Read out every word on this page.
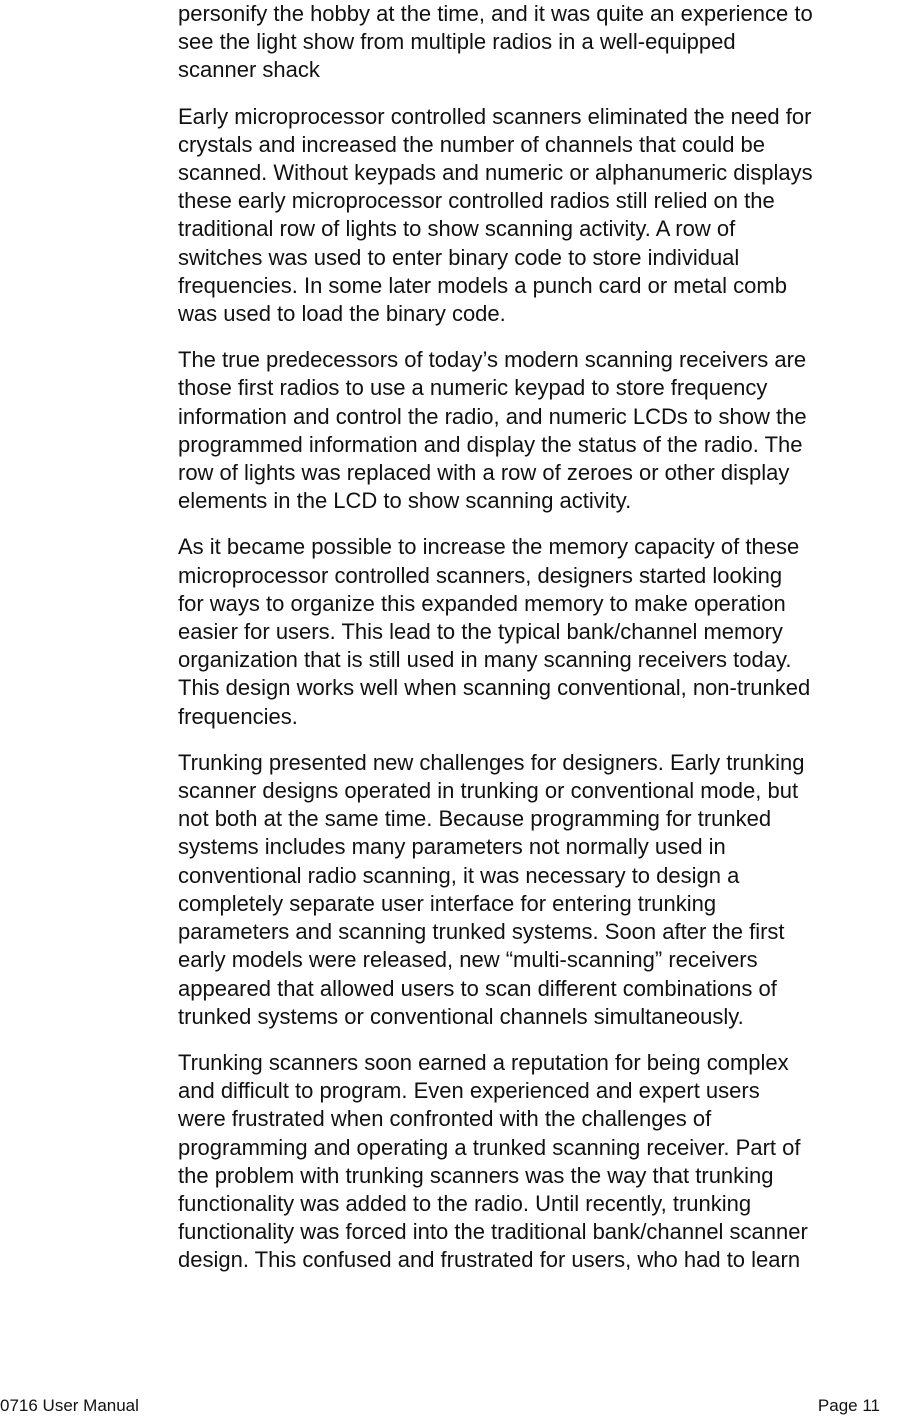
personify the hobby at the time, and it was quite an experience to
see the light show from multiple radios in a well-equipped
scanner shack

Early microprocessor controlled scanners eliminated the need for
crystals and increased the number of channels that could be
scanned. Without keypads and numeric or alphanumeric displays
these early microprocessor controlled radios still relied on the
traditional row of lights to show scanning activity. A row of
switches was used to enter binary code to store individual
frequencies. In some later models a punch card or metal comb
was used to load the binary code.

The true predecessors of today’s modern scanning receivers are
those first radios to use a numeric keypad to store frequency
information and control the radio, and numeric LCDs to show the
programmed information and display the status of the radio. The
row of lights was replaced with a row of zeroes or other display
elements in the LCD to show scanning activity.

As it became possible to increase the memory capacity of these
microprocessor controlled scanners, designers started looking
for ways to organize this expanded memory to make operation
easier for users. This lead to the typical bank/channel memory
organization that is still used in many scanning receivers today.
This design works well when scanning conventional, non-trunked
frequencies.

Trunking presented new challenges for designers. Early trunking
scanner designs operated in trunking or conventional mode, but
not both at the same time. Because programming for trunked
systems includes many parameters not normally used in
conventional radio scanning, it was necessary to design a
completely separate user interface for entering trunking
parameters and scanning trunked systems. Soon after the first
early models were released, new “multi-scanning” receivers
appeared that allowed users to scan different combinations of
trunked systems or conventional channels simultaneously.

Trunking scanners soon earned a reputation for being complex
and difficult to program. Even experienced and expert users
were frustrated when confronted with the challenges of
programming and operating a trunked scanning receiver. Part of
the problem with trunking scanners was the way that trunking
functionality was added to the radio. Until recently, trunking
functionality was forced into the traditional bank/channel scanner
design. This confused and frustrated for users, who had to learn

0716 User Manual	Page 11
